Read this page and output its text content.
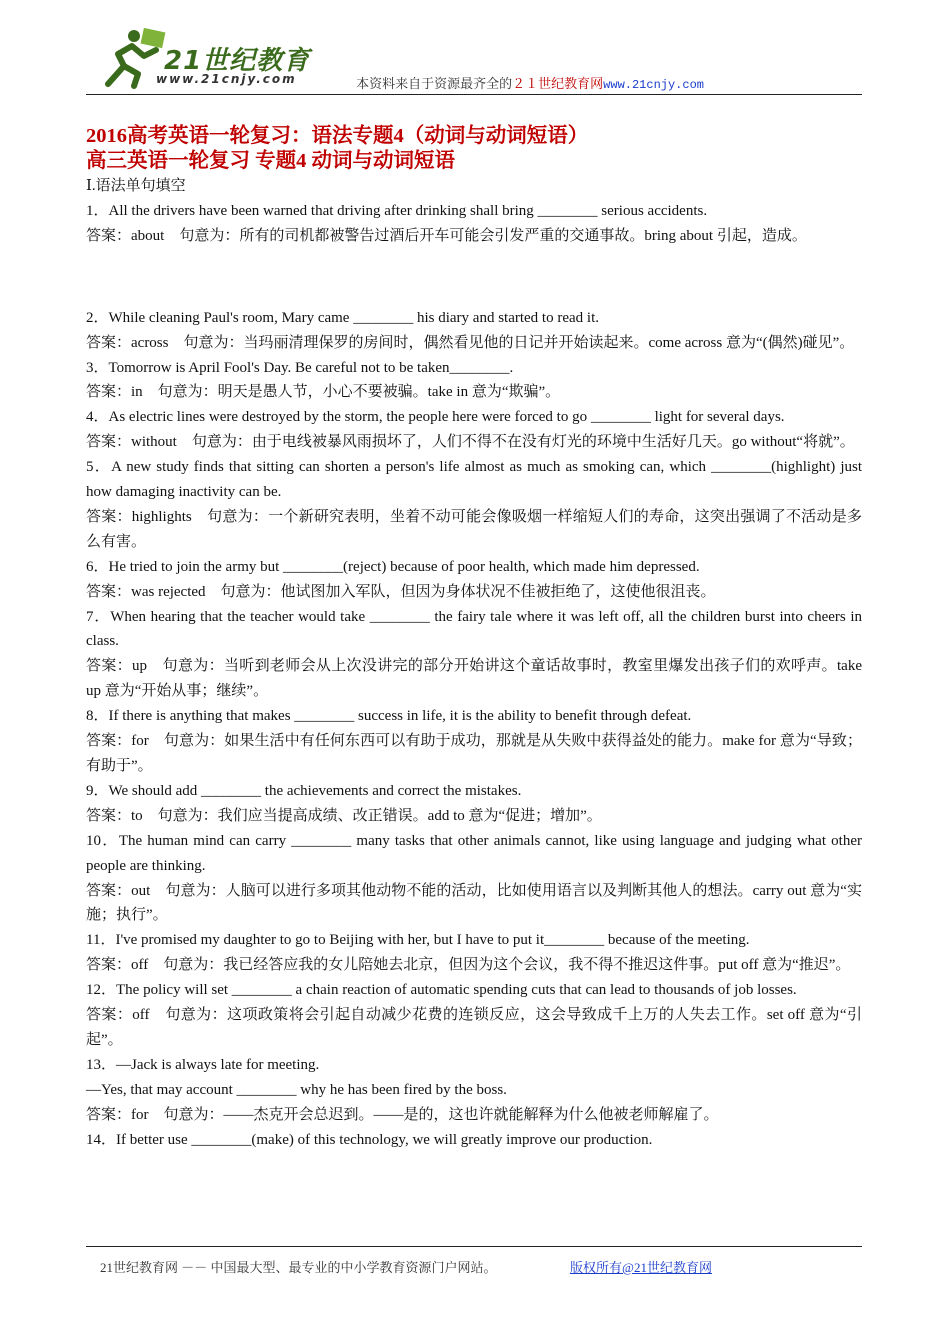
21世纪教育
www.21cnjy.com	本资料来自于资源最齐全的２１世纪教育网www.21cnjy.com

2016高考英语一轮复习：语法专题4（动词与动词短语）

高三英语一轮复习 专题4 动词与动词短语

Ⅰ.语法单句填空

1．All the drivers have been warned that driving after drinking shall bring ________ serious accidents.

答案：about　句意为：所有的司机都被警告过酒后开车可能会引发严重的交通事故。bring about 引起，造成。

2．While cleaning Paul's room, Mary came ________ his diary and started to read it.

答案：across　句意为：当玛丽清理保罗的房间时，偶然看见他的日记并开始读起来。come across 意为“(偶然)碰见”。

3．Tomorrow is April Fool's Day. Be careful not to be taken________.

答案：in　句意为：明天是愚人节，小心不要被骗。take in 意为“欺骗”。

4．As electric lines were destroyed by the storm, the people here were forced to go ________ light for several days.

答案：without　句意为：由于电线被暴风雨损坏了，人们不得不在没有灯光的环境中生活好几天。go without“将就”。

5．A new study finds that sitting can shorten a person's life almost as much as smoking can, which ________(highlight) just how damaging inactivity can be.

答案：highlights　句意为：一个新研究表明，坐着不动可能会像吸烟一样缩短人们的寿命，这突出强调了不活动是多么有害。

6．He tried to join the army but ________(reject) because of poor health, which made him depressed.

答案：was rejected　句意为：他试图加入军队，但因为身体状况不佳被拒绝了，这使他很沮丧。

7．When hearing that the teacher would take ________ the fairy tale where it was left off, all the children burst into cheers in class.

答案：up　句意为：当听到老师会从上次没讲完的部分开始讲这个童话故事时，教室里爆发出孩子们的欢呼声。take up 意为“开始从事；继续”。

8．If there is anything that makes ________ success in life, it is the ability to benefit through defeat.

答案：for　句意为：如果生活中有任何东西可以有助于成功，那就是从失败中获得益处的能力。make for 意为“导致；有助于”。

9．We should add ________ the achievements and correct the mistakes.

答案：to　句意为：我们应当提高成绩、改正错误。add to 意为“促进；增加”。

10．The human mind can carry ________ many tasks that other animals cannot, like using language and judging what other people are thinking.

答案：out　句意为：人脑可以进行多项其他动物不能的活动，比如使用语言以及判断其他人的想法。carry out 意为“实施；执行”。

11．I've promised my daughter to go to Beijing with her, but I have to put it________ because of the meeting.

答案：off　句意为：我已经答应我的女儿陪她去北京，但因为这个会议，我不得不推迟这件事。put off 意为“推迟”。

12．The policy will set ________ a chain reaction of automatic spending cuts that can lead to thousands of job losses.

答案：off　句意为：这项政策将会引起自动减少花费的连锁反应，这会导致成千上万的人失去工作。set off 意为“引起”。

13．—Jack is always late for meeting.

—Yes, that may account ________ why he has been fired by the boss.

答案：for　句意为：——杰克开会总迟到。——是的，这也许就能解释为什么他被老师解雇了。

14．If better use ________(make) of this technology, we will greatly improve our production.

21世纪教育网 －－ 中国最大型、最专业的中小学教育资源门户网站。	版权所有@21世纪教育网
